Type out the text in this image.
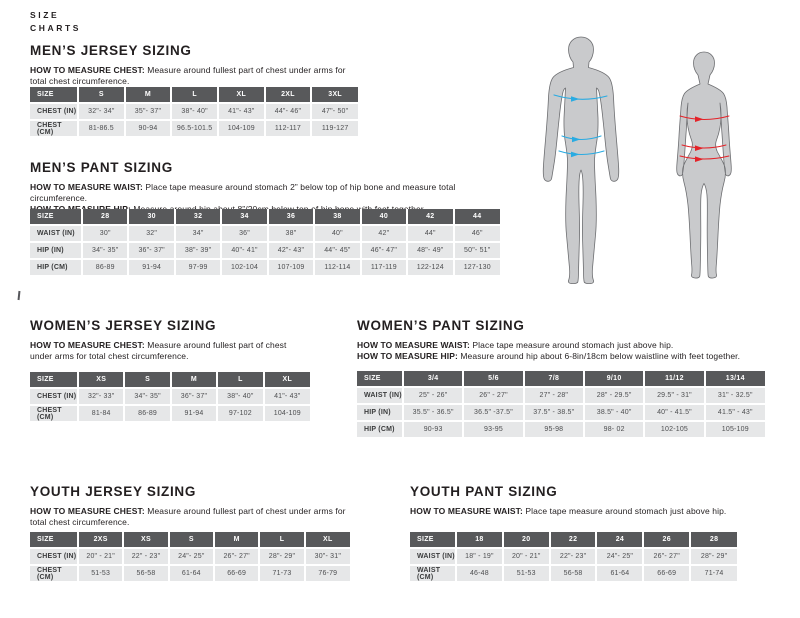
SIZE
CHARTS
MEN’S JERSEY SIZING

HOW TO MEASURE CHEST: Measure around fullest part of chest under arms for total chest circumference.

SIZE	S	M	L	XL	2XL	3XL
CHEST (IN)	32"- 34"	35"- 37"	38"- 40"	41"- 43"	44"- 46"	47"- 50"
CHEST (CM)	81-86.5	90-94	96.5-101.5	104-109	112-117	119-127
MEN’S PANT SIZING

HOW TO MEASURE WAIST: Place tape measure around stomach 2” below top of hip bone and measure total circumference.

SIZE	28	30	32	34	36	38	40	42	44
WAIST (IN)	30"	32"	34"	36"	38"	40"	42"	44"	46"
HIP (IN)	34"- 35"	36"- 37"	38"- 39"	40"- 41"	42"- 43"	44"- 45"	46"- 47"	48"- 49"	50"- 51"
HIP (CM)	86-89	91-94	97-99	102-104	107-109	112-114	117-119	122-124	127-130
WOMEN’S JERSEY SIZING

HOW TO MEASURE CHEST: Measure around fullest part of chest under arms for total chest circumference.

SIZE	XS	S	M	L	XL
CHEST (IN)	32"- 33"	34"- 35"	36"- 37"	38"- 40"	41"- 43"
CHEST (CM)	81-84	86-89	91-94	97-102	104-109
WOMEN’S PANT SIZING

HOW TO MEASURE WAIST: Place tape measure around stomach just above hip.

HOW TO MEASURE HIP: Measure around hip about 6-8in/18cm below waistline with feet together.

SIZE	3/4	5/6	7/8	9/10	11/12	13/14
WAIST (IN)	25" - 26"	26" - 27"	27" - 28"	28" - 29.5"	29.5" - 31"	31" - 32.5"
HIP (IN)	35.5" - 36.5"	36.5" -37.5"	37.5" - 38.5"	38.5" - 40"	40" - 41.5"	41.5" - 43"
HIP (CM)	90-93	93-95	95-98	98- 02	102-105	105-109
YOUTH JERSEY SIZING

HOW TO MEASURE CHEST: Measure around fullest part of chest under arms for total chest circumference.

SIZE	2XS	XS	S	M	L	XL
CHEST (IN)	20" - 21"	22" - 23"	24"- 25"	26"- 27"	28"- 29"	30"- 31"
CHEST (CM)	51-53	56-58	61-64	66-69	71-73	76-79
YOUTH PANT SIZING

HOW TO MEASURE WAIST: Place tape measure around stomach just above hip.

SIZE	18	20	22	24	26	28
WAIST (IN)	18" - 19"	20" - 21"	22"- 23"	24"- 25"	26"- 27"	28"- 29"
WAIST (CM)	46-48	51-53	56-58	61-64	66-69	71-74
